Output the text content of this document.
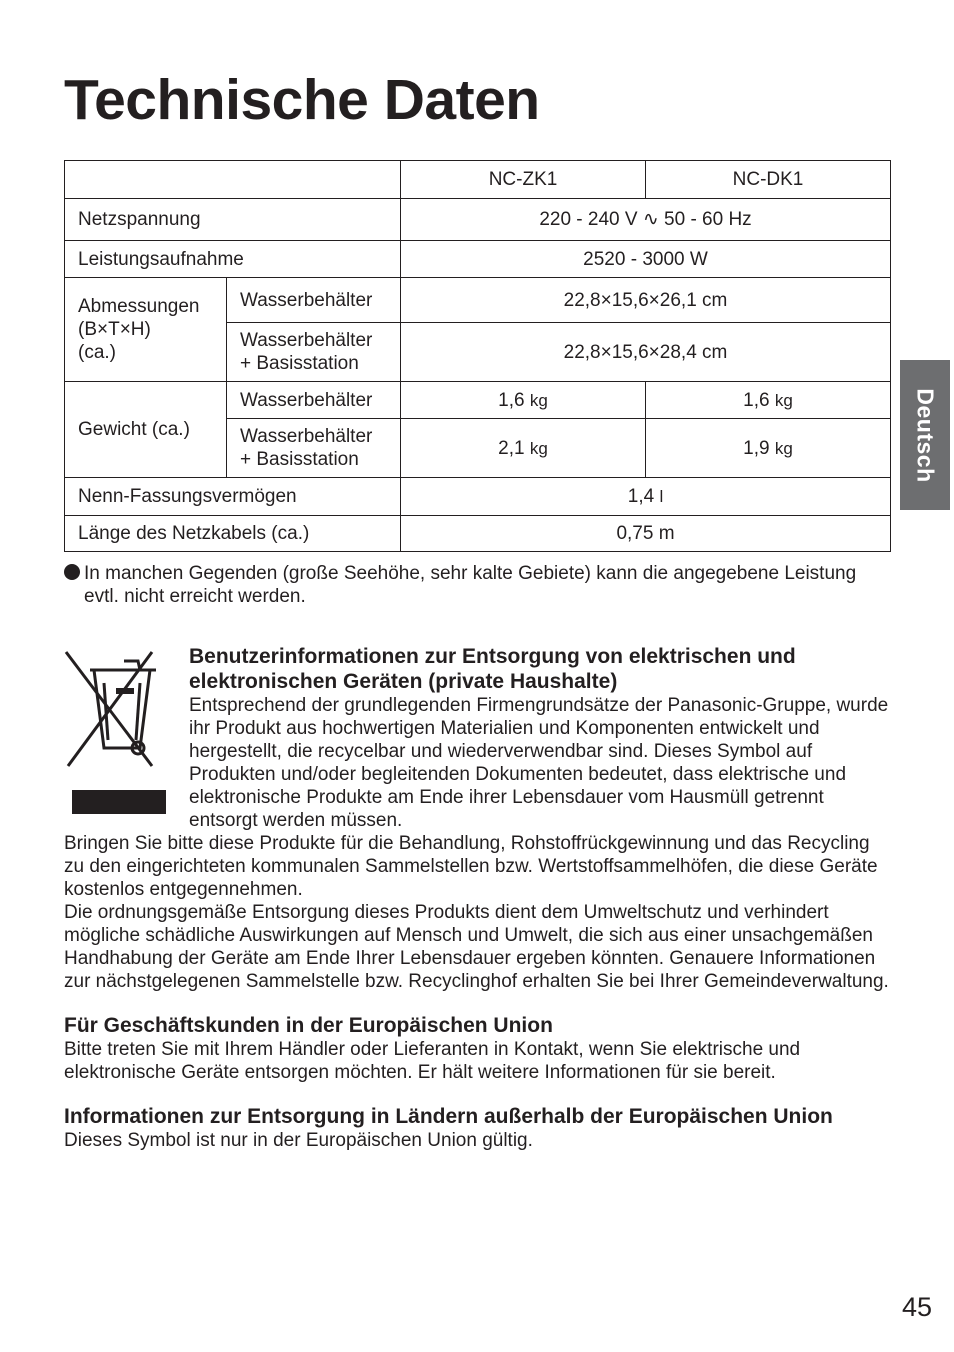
Technische Daten
Deutsch
		NC-ZK1	NC-DK1
Netzspannung		220 - 240 V ∿ 50 - 60 Hz	
Leistungsaufnahme		2520 - 3000 W	

Abmessungen
(B×T×H)
(ca.)	Wasserbehälter	22,8×15,6×26,1 cm	

	Wasserbehälter
+ Basisstation	22,8×15,6×28,4 cm	
Gewicht (ca.)	Wasserbehälter	1,6 kg	1,6 kg

	Wasserbehälter
+ Basisstation	2,1 kg	1,9 kg
Nenn-Fassungsvermögen		1,4 l	
Länge des Netzkabels (ca.)		0,75 m	

In manchen Gegenden (große Seehöhe, sehr kalte Gebiete) kann die angegebene Leistung evtl. nicht erreicht werden.

Benutzerinformationen zur Entsorgung von elektrischen und elektronischen Geräten (private Haushalte)

Entsprechend der grundlegenden Firmengrundsätze der Panasonic-Gruppe, wurde ihr Produkt aus hochwertigen Materialien und Komponenten entwickelt und hergestellt, die recycelbar und wiederverwendbar sind. Dieses Symbol auf Produkten und/oder begleitenden Dokumenten bedeutet, dass elektrische und elektronische Produkte am Ende ihrer Lebensdauer vom Hausmüll getrennt entsorgt werden müssen.

Bringen Sie bitte diese Produkte für die Behandlung, Rohstoffrückgewinnung und das Recycling zu den eingerichteten kommunalen Sammelstellen bzw. Wertstoffsammelhöfen, die diese Geräte kostenlos entgegennehmen.

Die ordnungsgemäße Entsorgung dieses Produkts dient dem Umweltschutz und verhindert mögliche schädliche Auswirkungen auf Mensch und Umwelt, die sich aus einer unsachgemäßen Handhabung der Geräte am Ende Ihrer Lebensdauer ergeben könnten. Genauere Informationen zur nächstgelegenen Sammelstelle bzw. Recyclinghof erhalten Sie bei Ihrer Gemeindeverwaltung.

Für Geschäftskunden in der Europäischen Union

Bitte treten Sie mit Ihrem Händler oder Lieferanten in Kontakt, wenn Sie elektrische und elektronische Geräte entsorgen möchten. Er hält weitere Informationen für sie bereit.

Informationen zur Entsorgung in Ländern außerhalb der Europäischen Union

Dieses Symbol ist nur in der Europäischen Union gültig.

45
